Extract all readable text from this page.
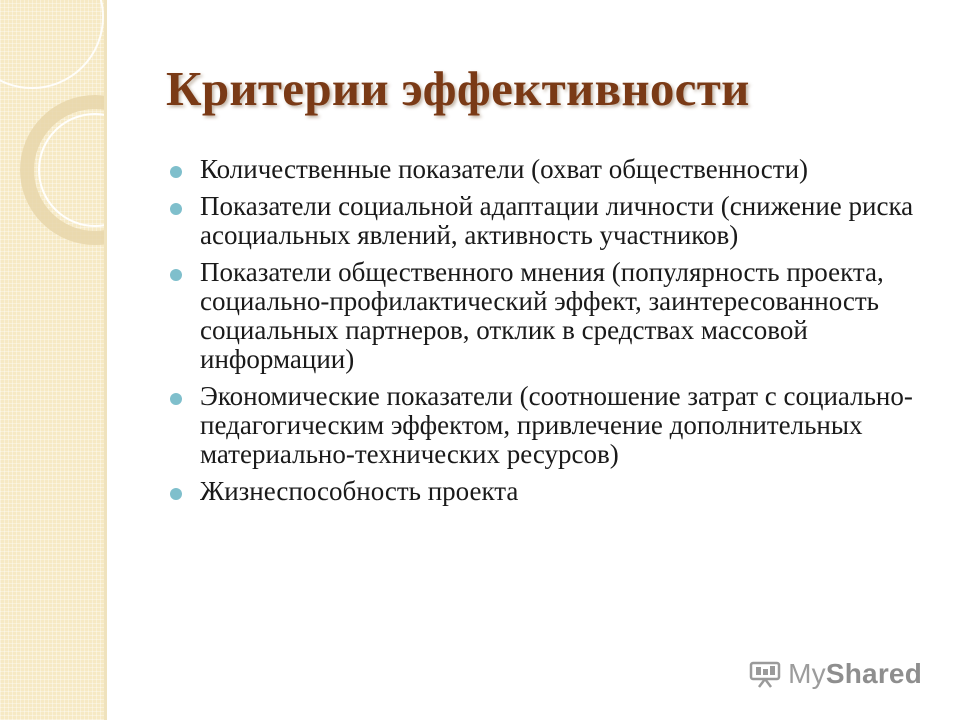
Критерии эффективности
Количественные показатели (охват общественности)
Показатели социальной адаптации личности (снижение риска асоциальных явлений, активность участников)
Показатели общественного мнения (популярность проекта, социально-профилактический эффект, заинтересованность социальных партнеров, отклик в средствах массовой информации)
Экономические показатели (соотношение затрат с социально-педагогическим эффектом, привлечение дополнительных материально-технических ресурсов)
Жизнеспособность проекта
MyShared
